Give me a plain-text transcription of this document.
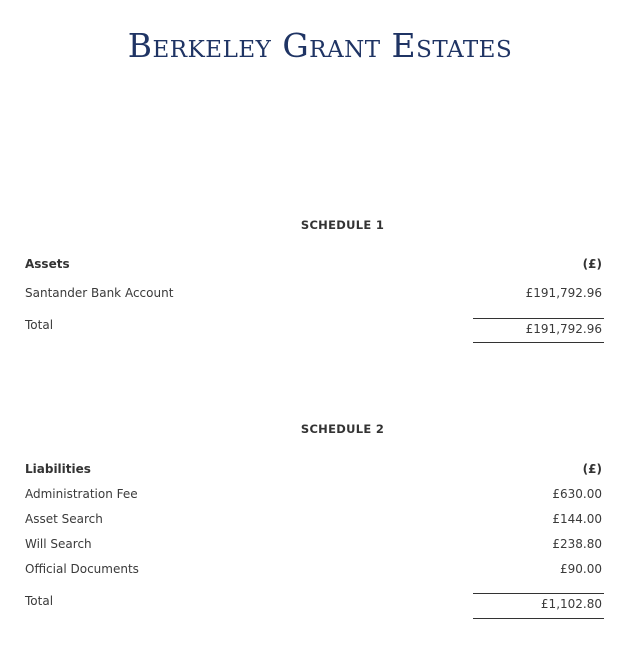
Berkeley Grant Estates
SCHEDULE 1
Assets	(£)
Santander Bank Account	£191,792.96
Total	£191,792.96
SCHEDULE 2
Liabilities	(£)
Administration Fee	£630.00
Asset Search	£144.00
Will Search	£238.80
Official Documents	£90.00
Total	£1,102.80
